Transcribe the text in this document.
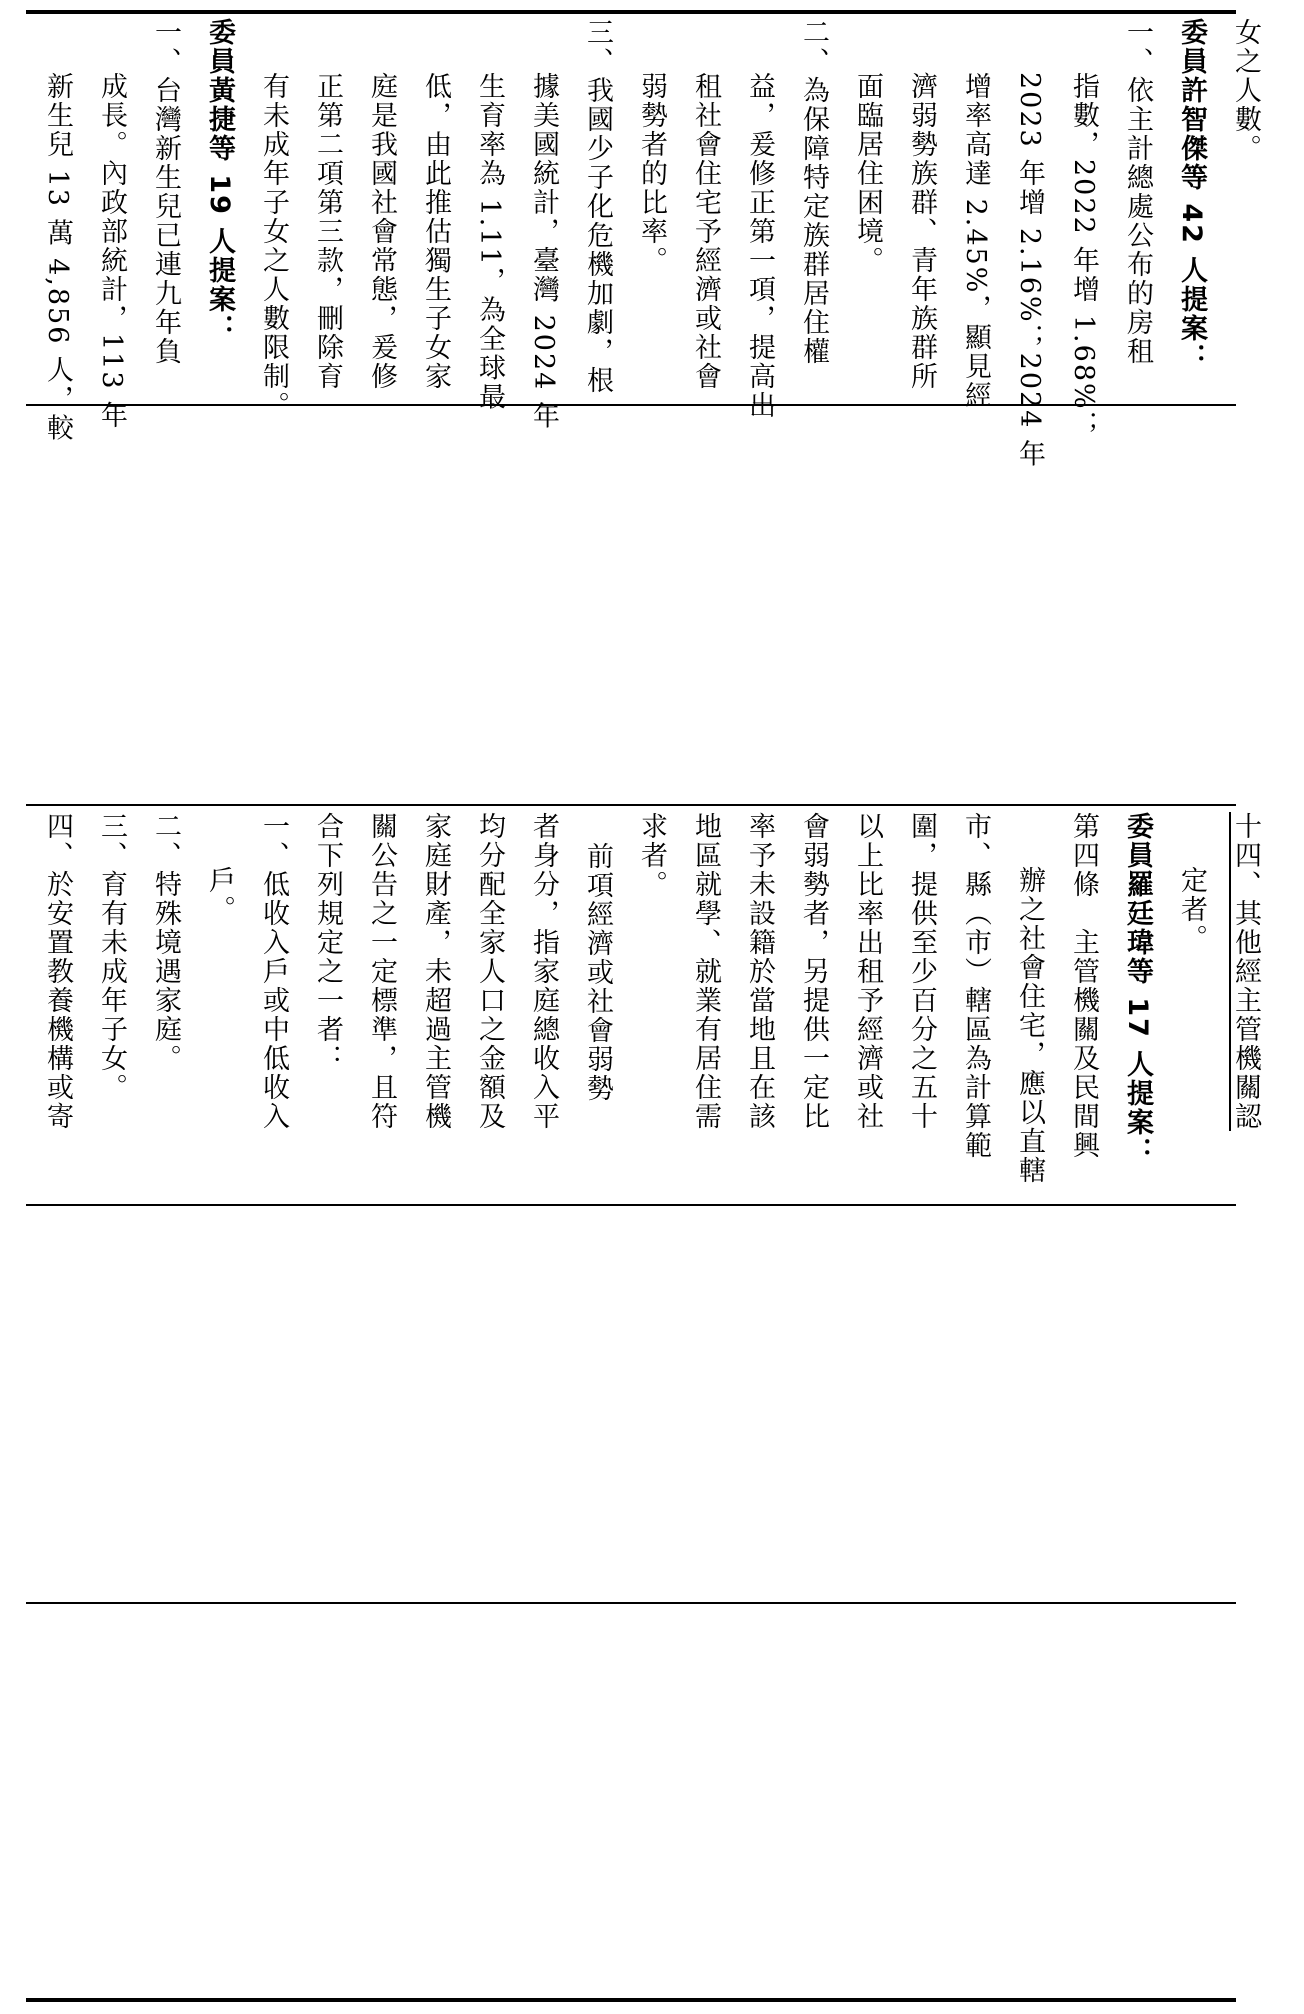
女之人數。
委員許智傑等 42 人提案：
一、依主計總處公布的房租
指數，2022 年增 1.68%；
2023 年增 2.16%；2024 年
增率高達 2.45%，顯見經
濟弱勢族群、青年族群所
面臨居住困境。
二、為保障特定族群居住權
益，爰修正第一項，提高出
租社會住宅予經濟或社會
弱勢者的比率。
三、我國少子化危機加劇，根
據美國統計，臺灣 2024 年
生育率為 1.11，為全球最
低，由此推估獨生子女家
庭是我國社會常態，爰修
正第二項第三款，刪除育
有未成年子女之人數限制。
委員黃捷等 19 人提案：
一、台灣新生兒已連九年負
成長。內政部統計，113 年
新生兒 13 萬 4,856 人，較
十四、其他經主管機關認
定者。
委員羅廷瑋等 17 人提案：
第四條　主管機關及民間興
辦之社會住宅，應以直轄
市、縣（市）轄區為計算範
圍，提供至少百分之五十
以上比率出租予經濟或社
會弱勢者，另提供一定比
率予未設籍於當地且在該
地區就學、就業有居住需
求者。
前項經濟或社會弱勢
者身分，指家庭總收入平
均分配全家人口之金額及
家庭財產，未超過主管機
關公告之一定標準，且符
合下列規定之一者：
一、低收入戶或中低收入
戶。
二、特殊境遇家庭。
三、育有未成年子女。
四、於安置教養機構或寄
